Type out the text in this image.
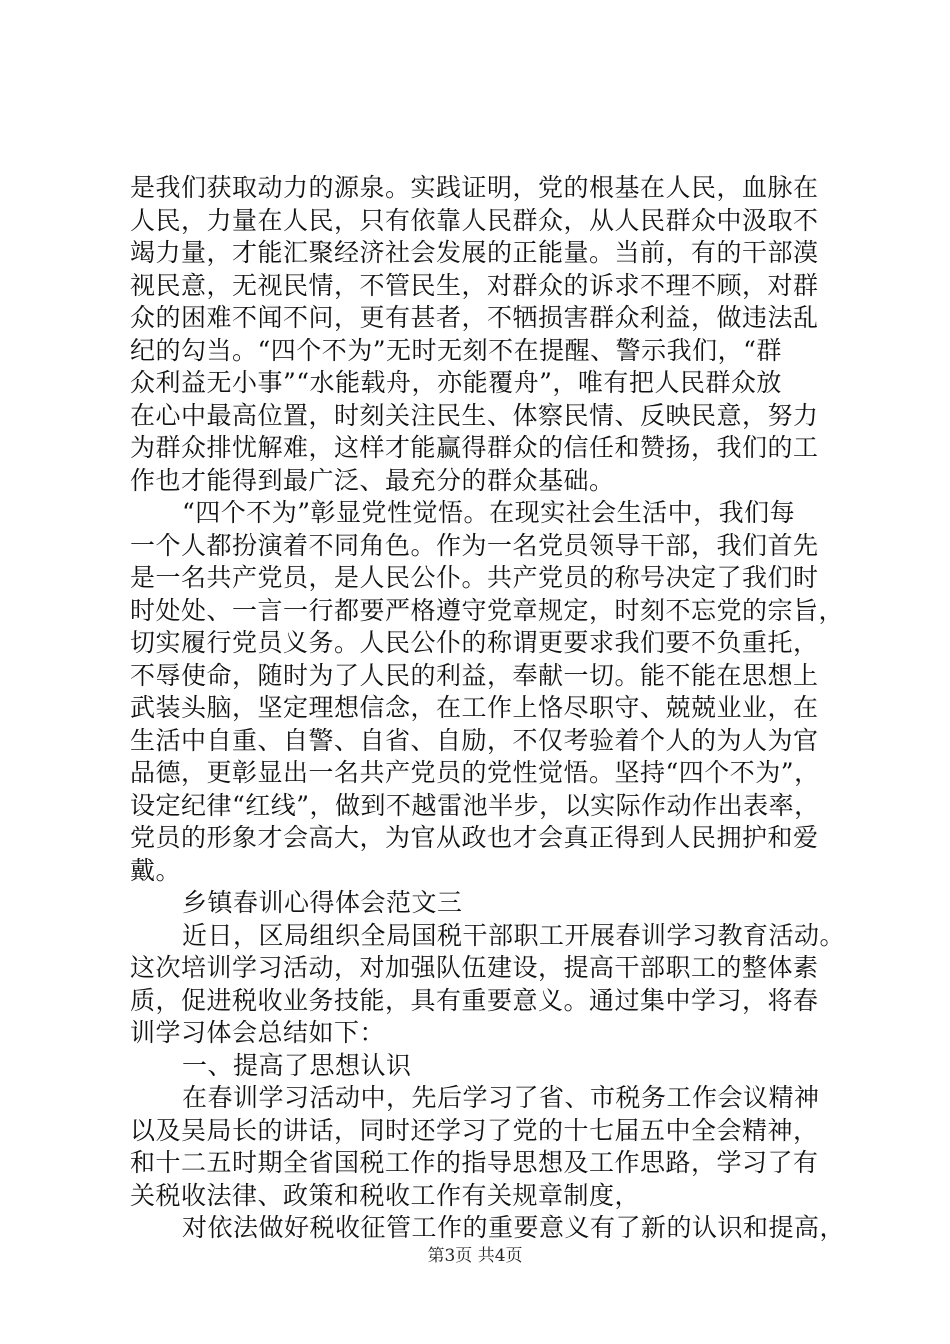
是我们获取动力的源泉。实践证明，党的根基在人民，血脉在
人民，力量在人民，只有依靠人民群众，从人民群众中汲取不
竭力量，才能汇聚经济社会发展的正能量。当前，有的干部漠
视民意，无视民情，不管民生，对群众的诉求不理不顾，对群
众的困难不闻不问，更有甚者，不牺损害群众利益，做违法乱
纪的勾当。“四个不为”无时无刻不在提醒、警示我们，“群
众利益无小事”“水能载舟，亦能覆舟”，唯有把人民群众放
在心中最高位置，时刻关注民生、体察民情、反映民意，努力
为群众排忧解难，这样才能赢得群众的信任和赞扬，我们的工
作也才能得到最广泛、最充分的群众基础。
“四个不为”彰显党性觉悟。在现实社会生活中，我们每
一个人都扮演着不同角色。作为一名党员领导干部，我们首先
是一名共产党员，是人民公仆。共产党员的称号决定了我们时
时处处、一言一行都要严格遵守党章规定，时刻不忘党的宗旨，
切实履行党员义务。人民公仆的称谓更要求我们要不负重托，
不辱使命，随时为了人民的利益，奉献一切。能不能在思想上
武装头脑，坚定理想信念，在工作上恪尽职守、兢兢业业，在
生活中自重、自警、自省、自励，不仅考验着个人的为人为官
品德，更彰显出一名共产党员的党性觉悟。坚持“四个不为”，
设定纪律“红线”，做到不越雷池半步，以实际作动作出表率，
党员的形象才会高大，为官从政也才会真正得到人民拥护和爱
戴。
乡镇春训心得体会范文三
近日，区局组织全局国税干部职工开展春训学习教育活动。
这次培训学习活动，对加强队伍建设，提高干部职工的整体素
质，促进税收业务技能，具有重要意义。通过集中学习，将春
训学习体会总结如下：
一、提高了思想认识
在春训学习活动中，先后学习了省、市税务工作会议精神
以及吴局长的讲话，同时还学习了党的十七届五中全会精神，
和十二五时期全省国税工作的指导思想及工作思路，学习了有
关税收法律、政策和税收工作有关规章制度，
对依法做好税收征管工作的重要意义有了新的认识和提高，
第3页 共4页
